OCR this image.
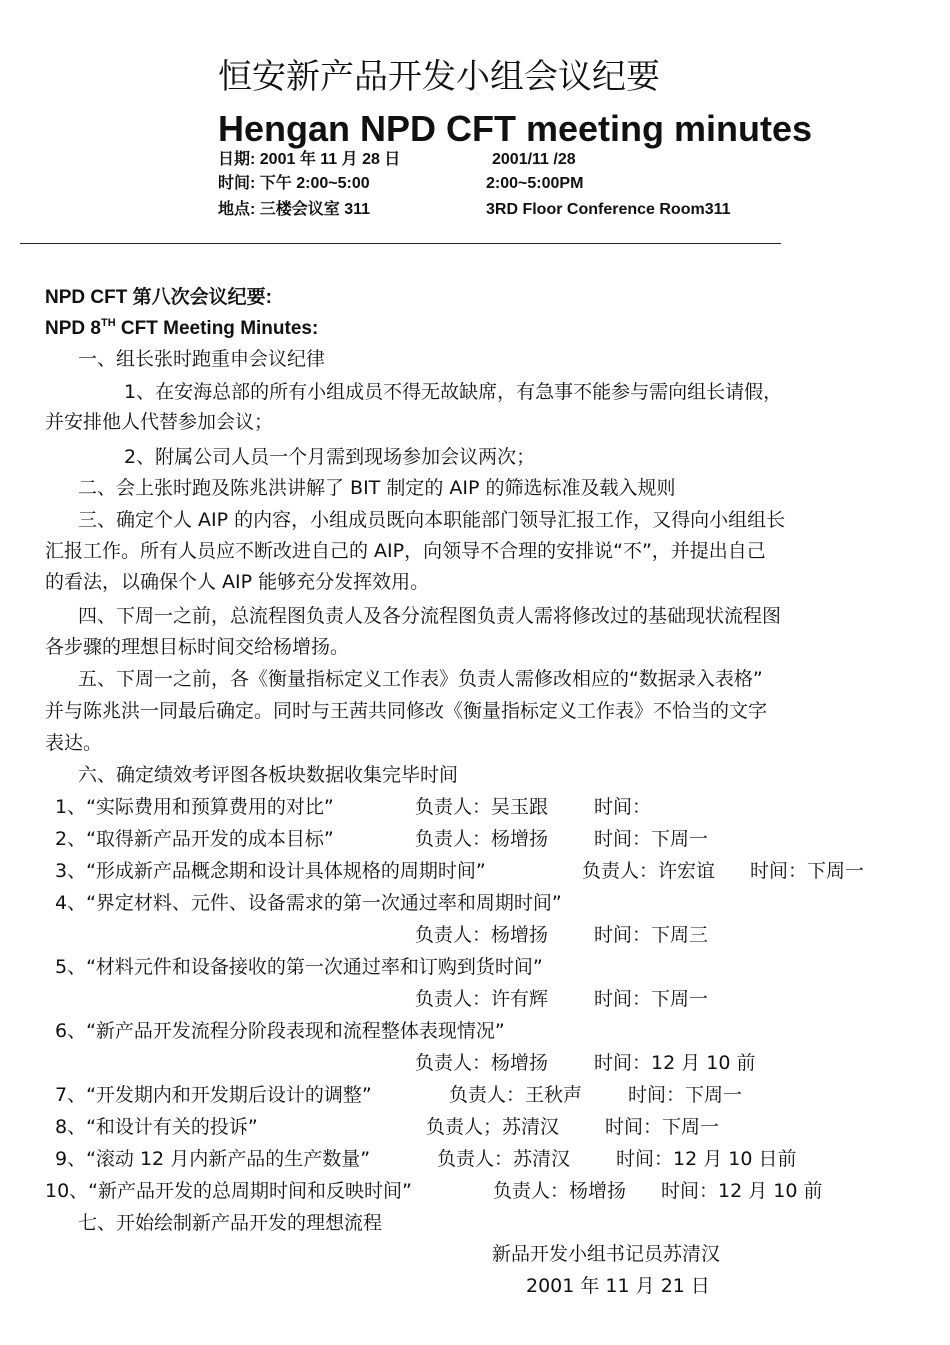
恒安新产品开发小组会议纪要
Hengan NPD CFT meeting minutes
日期: 2001 年 11 月 28 日	2001/11 /28
时间: 下午 2:00~5:00	2:00~5:00PM
地点: 三楼会议室 311	3RD Floor Conference Room311
NPD CFT 第八次会议纪要:
NPD 8TH CFT Meeting Minutes:
一、组长张时跑重申会议纪律
1、在安海总部的所有小组成员不得无故缺席，有急事不能参与需向组长请假，
并安排他人代替参加会议；
2、附属公司人员一个月需到现场参加会议两次；
二、会上张时跑及陈兆洪讲解了 BIT 制定的 AIP 的筛选标准及载入规则
三、确定个人 AIP 的内容，小组成员既向本职能部门领导汇报工作，又得向小组组长
汇报工作。所有人员应不断改进自己的 AIP，向领导不合理的安排说“不”，并提出自己
的看法，以确保个人 AIP 能够充分发挥效用。
四、下周一之前，总流程图负责人及各分流程图负责人需将修改过的基础现状流程图
各步骤的理想目标时间交给杨增扬。
五、下周一之前，各《衡量指标定义工作表》负责人需修改相应的“数据录入表格”
并与陈兆洪一同最后确定。同时与王茜共同修改《衡量指标定义工作表》不恰当的文字
表达。
六、确定绩效考评图各板块数据收集完毕时间
1、“实际费用和预算费用的对比”	负责人：吴玉跟 时间：
2、“取得新产品开发的成本目标”	负责人：杨增扬 时间：下周一
3、“形成新产品概念期和设计具体规格的周期时间”	负责人：许宏谊 时间：下周一
4、“界定材料、元件、设备需求的第一次通过率和周期时间”
负责人：杨增扬 时间：下周三
5、“材料元件和设备接收的第一次通过率和订购到货时间”
负责人：许有辉 时间：下周一
6、“新产品开发流程分阶段表现和流程整体表现情况”
负责人：杨增扬 时间：12 月 10 前
7、“开发期内和开发期后设计的调整”	负责人：王秋声 时间：下周一
8、“和设计有关的投诉”	负责人；苏清汉 时间：下周一
9、“滚动 12 月内新产品的生产数量”	负责人：苏清汉 时间：12 月 10 日前
10、“新产品开发的总周期时间和反映时间”	负责人：杨增扬 时间：12 月 10 前
七、开始绘制新产品开发的理想流程
新品开发小组书记员苏清汉
2001 年 11 月 21 日
